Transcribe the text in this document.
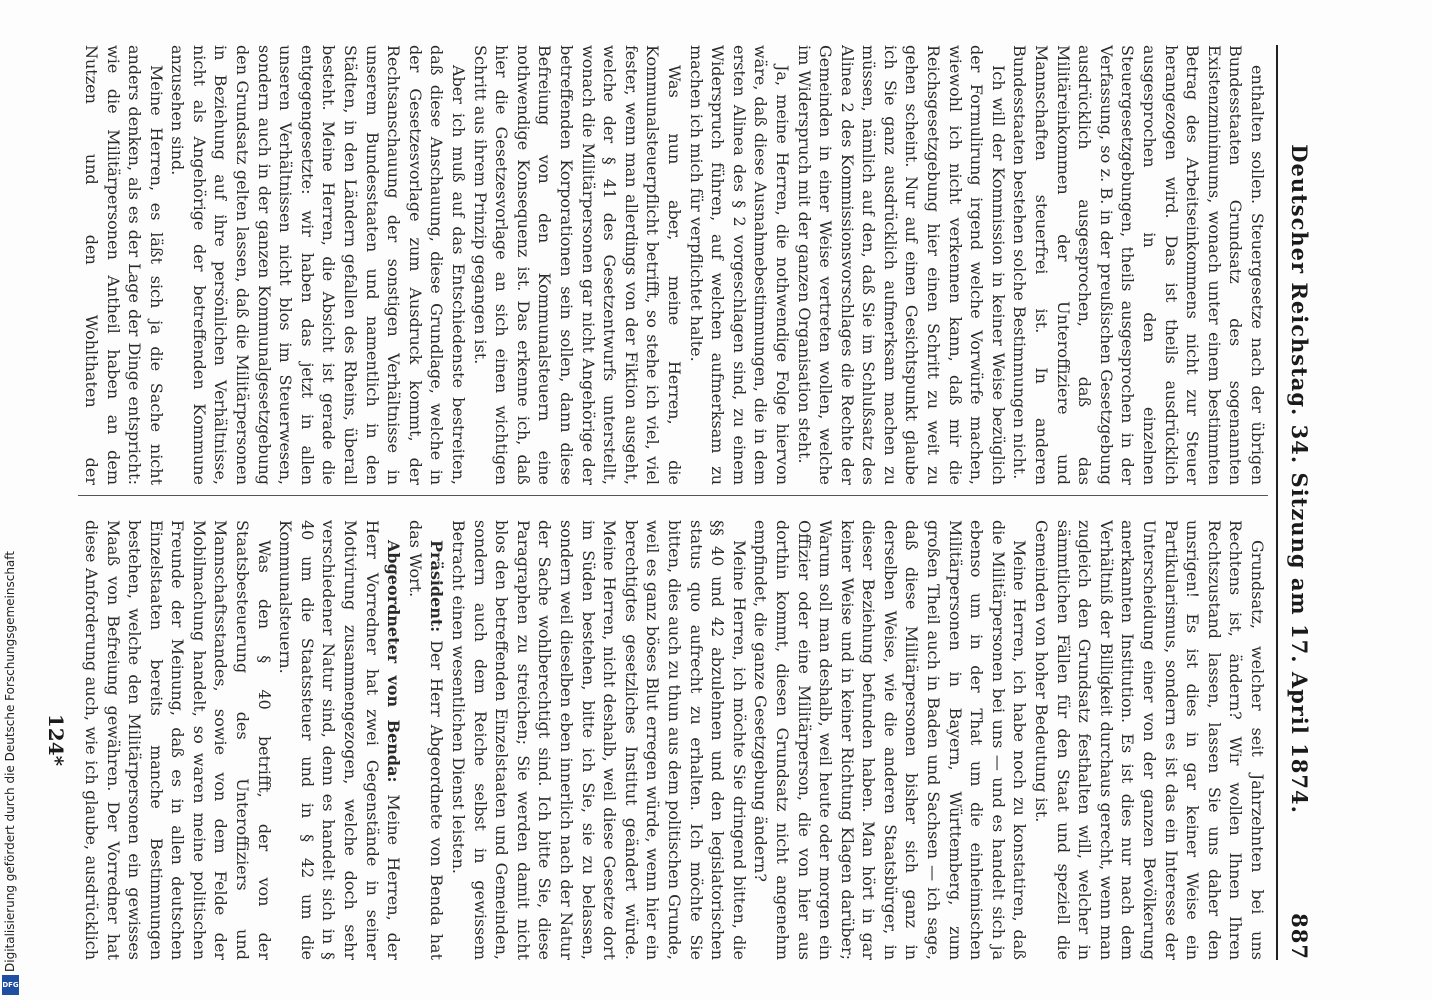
Deutscher Reichstag. 34. Sitzung am 17. April 1874.
887

enthalten sollen. Steuergesetze nach der übrigen Bundesstaaten Grundsatz des sogenannten Existenzminimums, wonach unter einem bestimmten Betrag des Arbeitseinkommens nicht zur Steuer herangezogen wird. Das ist theils ausdrücklich ausgesprochen in den einzelnen Steuergesetzgebungen, theils ausgesprochen in der Verfassung, so z. B. in der preußischen Gesetzgebung ausdrücklich ausgesprochen, daß das Militäreinkommen der Unteroffiziere und Mannschaften steuerfrei ist. In anderen Bundesstaaten bestehen solche Bestimmungen nicht.

Ich will der Kommission in keiner Weise bezüglich der Formulirung irgend welche Vorwürfe machen, wiewohl ich nicht verkennen kann, daß mir die Reichsgesetzgebung hier einen Schritt zu weit zu gehen scheint. Nur auf einen Gesichtspunkt glaube ich Sie ganz ausdrücklich aufmerksam machen zu müssen, nämlich auf den, daß Sie im Schlußsatz des Alinea 2 des Kommissionsvorschlages die Rechte der Gemeinden in einer Weise vertreten wollen, welche im Widerspruch mit der ganzen Organisation steht.

Ja, meine Herren, die nothwendige Folge hiervon wäre, daß diese Ausnahmebestimmungen, die in dem ersten Alinea des § 2 vorgeschlagen sind, zu einem Widerspruch führen, auf welchen aufmerksam zu machen ich mich für verpflichtet halte.

Was nun aber, meine Herren, die Kommunalsteuerpflicht betrifft, so stehe ich viel, viel fester, wenn man allerdings von der Fiktion ausgeht, welche der § 41 des Gesetzentwurfs unterstellt, wonach die Militärpersonen gar nicht Angehörige der betreffenden Korporationen sein sollen, dann diese Befreiung von den Kommunalsteuern eine nothwendige Konsequenz ist. Das erkenne ich, daß hier die Gesetzesvorlage an sich einen wichtigen Schritt aus ihrem Prinzip gegangen ist.

Aber ich muß auf das Entschiedenste bestreiten, daß diese Anschauung, diese Grundlage, welche in der Gesetzesvorlage zum Ausdruck kommt, der Rechtsanschauung der sonstigen Verhältnisse in unserem Bundesstaaten und namentlich in den Städten, in den Ländern gefallen des Rheins, überall besteht. Meine Herren, die Absicht ist gerade die entgegengesetzte: wir haben das jetzt in allen unseren Verhältnissen nicht blos im Steuerwesen, sondern auch in der ganzen Kommunalgesetzgebung den Grundsatz gelten lassen, daß die Militärpersonen in Beziehung auf ihre persönlichen Verhältnisse, nicht als Angehörige der betreffenden Kommune anzusehen sind.

Meine Herren, es läßt sich ja die Sache nicht anders denken, als es der Lage der Dinge entspricht: wie die Militärpersonen Antheil haben an dem Nutzen und den Wohlthaten der

Grundsatz, welcher seit Jahrzehnten bei uns Rechtens ist, ändern? Wir wollen Ihnen Ihren Rechtszustand lassen, lassen Sie uns daher den unsrigen! Es ist dies in gar keiner Weise ein Partikularismus, sondern es ist das ein Interesse der Unterscheidung einer von der ganzen Bevölkerung anerkannten Institution. Es ist dies nur nach dem Verhältniß der Billigkeit durchaus gerecht, wenn man zugleich den Grundsatz festhalten will, welcher in sämmtlichen Fällen für den Staat und speziell die Gemeinden von hoher Bedeutung ist.

Meine Herren, ich habe noch zu konstatiren, daß die Militärpersonen bei uns — und es handelt sich ja ebenso um in der That um die einheimischen Militärpersonen in Bayern, Württemberg, zum großen Theil auch in Baden und Sachsen — ich sage, daß diese Militärpersonen bisher sich ganz in derselben Weise, wie die anderen Staatsbürger, in dieser Beziehung befunden haben. Man hört in gar keiner Weise und in keiner Richtung Klagen darüber; Warum soll man deshalb, weil heute oder morgen ein Offizier oder eine Militärperson, die von hier aus dorthin kommt, diesen Grundsatz nicht angenehm empfindet, die ganze Gesetzgebung ändern?

Meine Herren, ich möchte Sie dringend bitten, die §§ 40 und 42 abzulehnen und den legislatorischen status quo aufrecht zu erhalten. Ich möchte Sie bitten, dies auch zu thun aus dem politischen Grunde, weil es ganz böses Blut erregen würde, wenn hier ein berechtigtes gesetzliches Institut geändert würde. Meine Herren, nicht deshalb, weil diese Gesetze dort im Süden bestehen, bitte ich Sie, sie zu belassen, sondern weil dieselben eben innerlich nach der Natur der Sache wohlberechtigt sind. Ich bitte Sie, diese Paragraphen zu streichen; Sie werden damit nicht blos den betreffenden Einzelstaaten und Gemeinden, sondern auch dem Reiche selbst in gewissem Betracht einen wesentlichen Dienst leisten.

Präsident: Der Herr Abgeordnete von Benda hat das Wort.

Abgeordneter von Benda: Meine Herren, der Herr Vorredner hat zwei Gegenstände in seiner Motivirung zusammengezogen, welche doch sehr verschiedener Natur sind, denn es handelt sich in § 40 um die Staatssteuer und in § 42 um die Kommunalsteuern.

Was den § 40 betrifft, der von der Staatsbesteuerung des Unteroffiziers und Mannschaftsstandes, sowie von dem Felde der Mobilmachung handelt, so waren meine politischen Freunde der Meinung, daß es in allen deutschen Einzelstaaten bereits manche Bestimmungen bestehen, welche den Militärpersonen ein gewisses Maaß von Befreiung gewähren. Der Vorredner hat diese Anforderung auch, wie ich glaube, ausdrücklich

124*
Digitalisierung gefördert durch die Deutsche Forschungsgemeinschaft
DFG
